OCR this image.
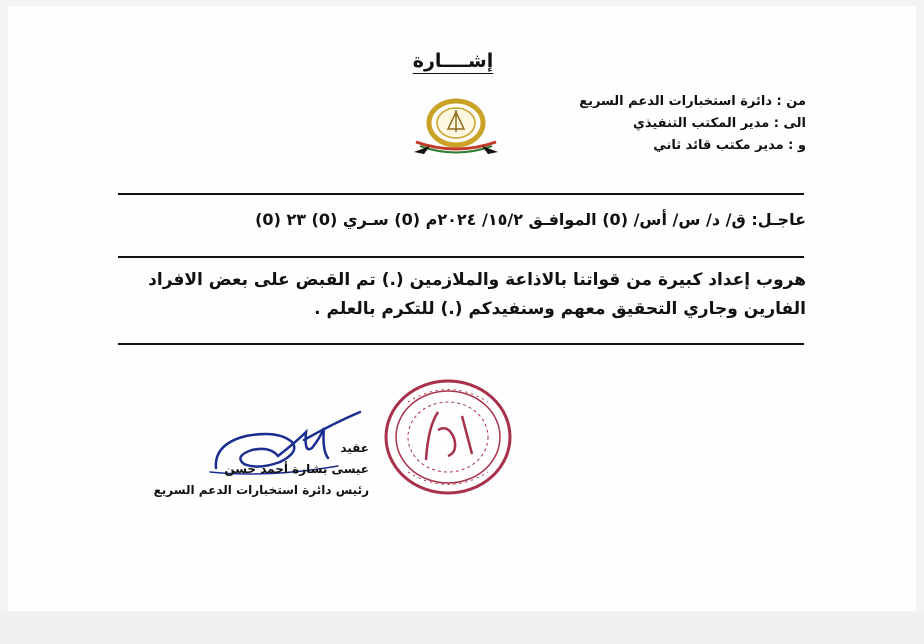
إشــــارة
من : دائرة استخبارات الدعم السريع
الى : مدير المكتب التنفيذي
و : مدير مكتب قائد ثاني
عاجـل: ق/ د/ س/ أس/ (0) الموافـق ١٥/٢/ ٢٠٢٤م (0) سـري (0) ٢٣ (0)
هروب إعداد كبيرة من قواتنا بالاذاعة والملازمين (.) تم القبض على بعض الافراد الفارين وجاري التحقيق معهم وسنفيدكم (.) للتكرم بالعلم .
عقيد
عيسى بشارة أحمد حسن
رئيس دائرة استخبارات الدعم السريع
